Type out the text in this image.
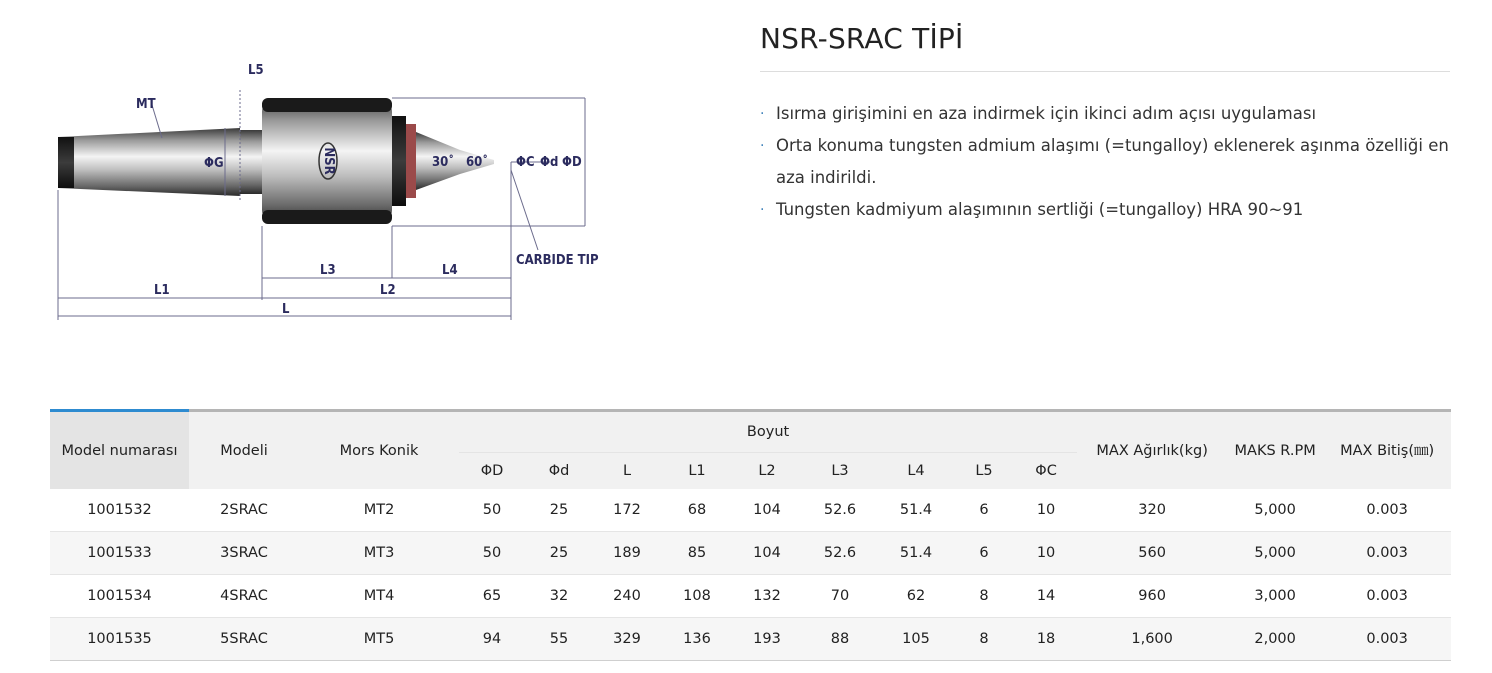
NSR
MT
L5
ΦG	30˚ 60˚ ΦC Φd ΦD
CARBIDE TIP
L3	L4
L1	L2
L
NSR-SRAC TİPİ
· Isırma girişimini en aza indirmek için ikinci adım açısı uygulaması
· Orta konuma tungsten admium alaşımı (=tungalloy) eklenerek aşınma özelliği en aza indirildi.
· Tungsten kadmiyum alaşımının sertliği (=tungalloy) HRA 90~91
Model numarası	Modeli	Mors Konik	Boyut									MAX Ağırlık(kg)	MAKS R.PM	MAX Bitiş(㎜)
			ΦD	Φd	L	L1	L2	L3	L4	L5	ΦC			
1001532	2SRAC	MT2	50	25	172	68	104	52.6	51.4	6	10	320	5,000	0.003
1001533	3SRAC	MT3	50	25	189	85	104	52.6	51.4	6	10	560	5,000	0.003
1001534	4SRAC	MT4	65	32	240	108	132	70	62	8	14	960	3,000	0.003
1001535	5SRAC	MT5	94	55	329	136	193	88	105	8	18	1,600	2,000	0.003
